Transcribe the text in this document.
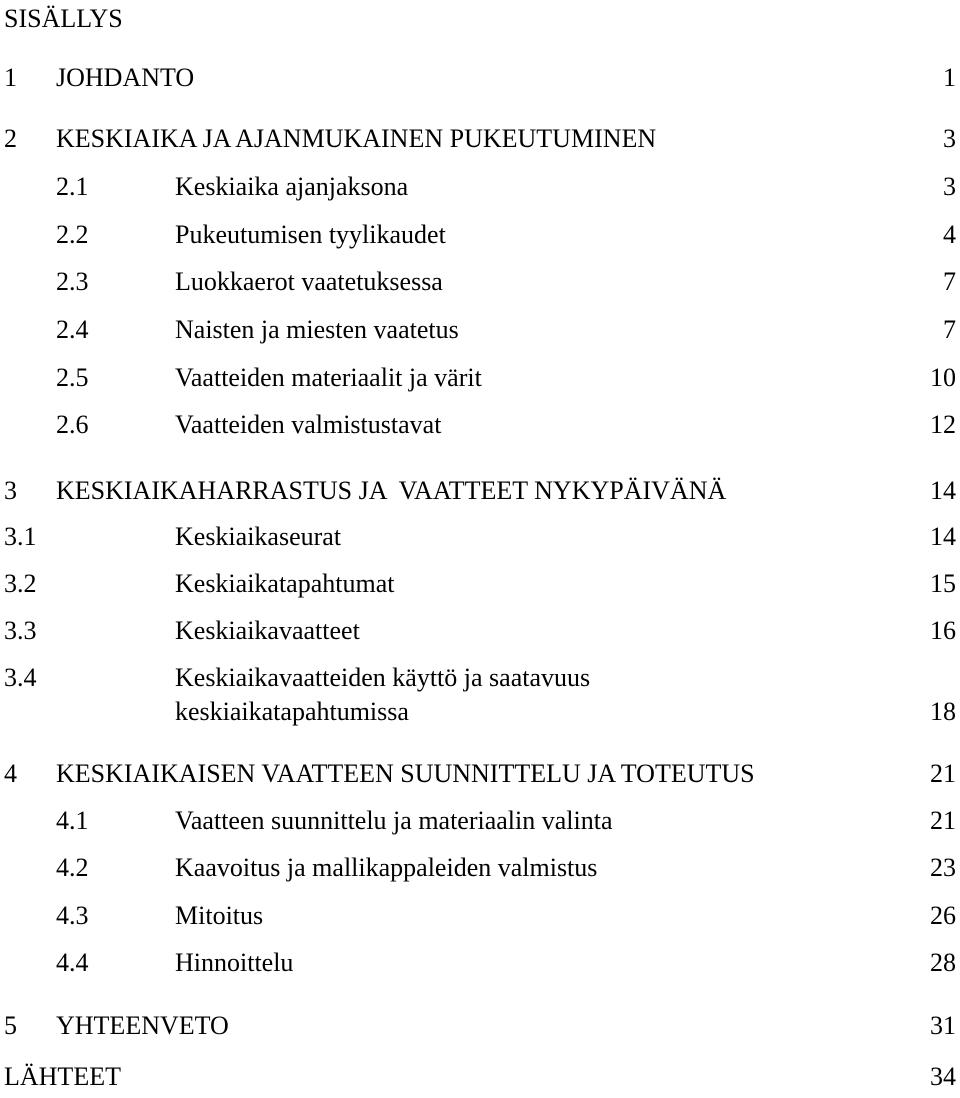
SISÄLLYS
1 JOHDANTO	1
2 KESKIAIKA JA AJANMUKAINEN PUKEUTUMINEN	3
2.1	Keskiaika ajanjaksona	3
2.2	Pukeutumisen tyylikaudet	4
2.3	Luokkaerot vaatetuksessa	7
2.4	Naisten ja miesten vaatetus	7
2.5	Vaatteiden materiaalit ja värit	10
2.6	Vaatteiden valmistustavat	12
3 KESKIAIKAHARRASTUS JA  VAATTEET NYKYPÄIVÄNÄ	14
3.1	Keskiaikaseurat	14
3.2	Keskiaikatapahtumat	15
3.3	Keskiaikavaatteet	16
3.4	Keskiaikavaatteiden käyttö ja saatavuus
keskiaikatapahtumissa	18
4 KESKIAIKAISEN VAATTEEN SUUNNITTELU JA TOTEUTUS	21
4.1	Vaatteen suunnittelu ja materiaalin valinta	21
4.2	Kaavoitus ja mallikappaleiden valmistus	23
4.3	Mitoitus	26
4.4	Hinnoittelu	28
5 YHTEENVETO	31
LÄHTEET	34
